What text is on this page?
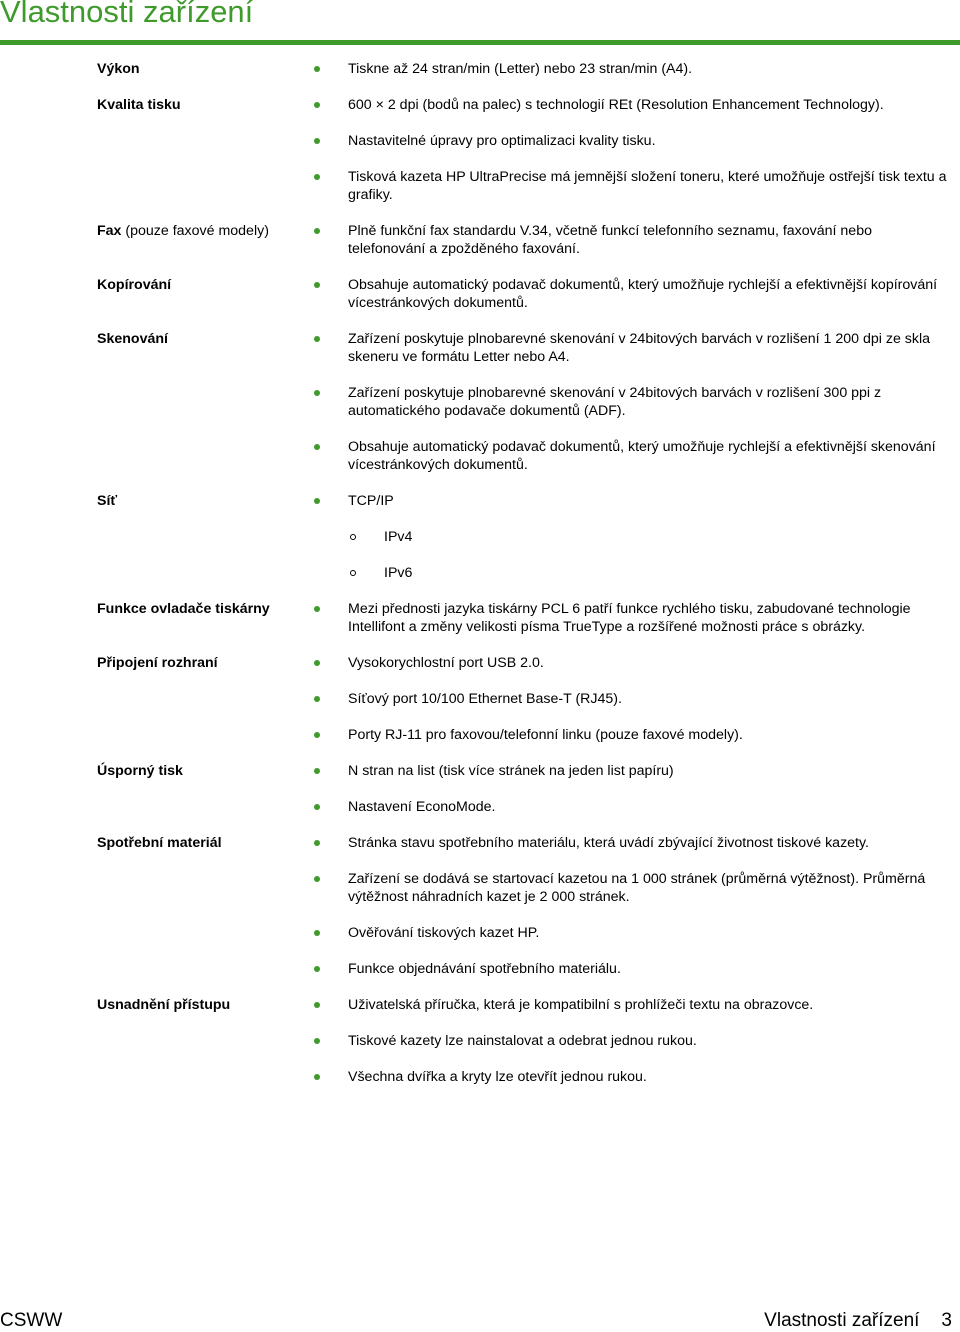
Vlastnosti zařízení
Výkon		Tiskne až 24 stran/min (Letter) nebo 23 stran/min (A4).

Kvalita tisku		600 × 2 dpi (bodů na palec) s technologií REt (Resolution Enhancement Technology).

		Nastavitelné úpravy pro optimalizaci kvality tisku.

		Tisková kazeta HP UltraPrecise má jemnější složení toneru, které umožňuje ostřejší tisk textu a grafiky.

Fax (pouze faxové modely)		Plně funkční fax standardu V.34, včetně funkcí telefonního seznamu, faxování nebo telefonování a zpožděného faxování.

Kopírování		Obsahuje automatický podavač dokumentů, který umožňuje rychlejší a efektivnější kopírování vícestránkových dokumentů.

Skenování		Zařízení poskytuje plnobarevné skenování v 24bitových barvách v rozlišení 1 200 dpi ze skla skeneru ve formátu Letter nebo A4.

		Zařízení poskytuje plnobarevné skenování v 24bitových barvách v rozlišení 300 ppi z automatického podavače dokumentů (ADF).

		Obsahuje automatický podavač dokumentů, který umožňuje rychlejší a efektivnější skenování vícestránkových dokumentů.

Síť		TCP/IP

		IPv4

		IPv6

Funkce ovladače tiskárny		Mezi přednosti jazyka tiskárny PCL 6 patří funkce rychlého tisku, zabudované technologie Intellifont a změny velikosti písma TrueType a rozšířené možnosti práce s obrázky.

Připojení rozhraní		Vysokorychlostní port USB 2.0.

		Síťový port 10/100 Ethernet Base-T (RJ45).

		Porty RJ-11 pro faxovou/telefonní linku (pouze faxové modely).

Úsporný tisk		N stran na list (tisk více stránek na jeden list papíru)

		Nastavení EconoMode.

Spotřební materiál		Stránka stavu spotřebního materiálu, která uvádí zbývající životnost tiskové kazety.

		Zařízení se dodává se startovací kazetou na 1 000 stránek (průměrná výtěžnost). Průměrná výtěžnost náhradních kazet je 2 000 stránek.

		Ověřování tiskových kazet HP.

		Funkce objednávání spotřebního materiálu.

Usnadnění přístupu		Uživatelská příručka, která je kompatibilní s prohlížeči textu na obrazovce.

		Tiskové kazety lze nainstalovat a odebrat jednou rukou.

		Všechna dvířka a kryty lze otevřít jednou rukou.
CSWW	Vlastnosti zařízení 3
